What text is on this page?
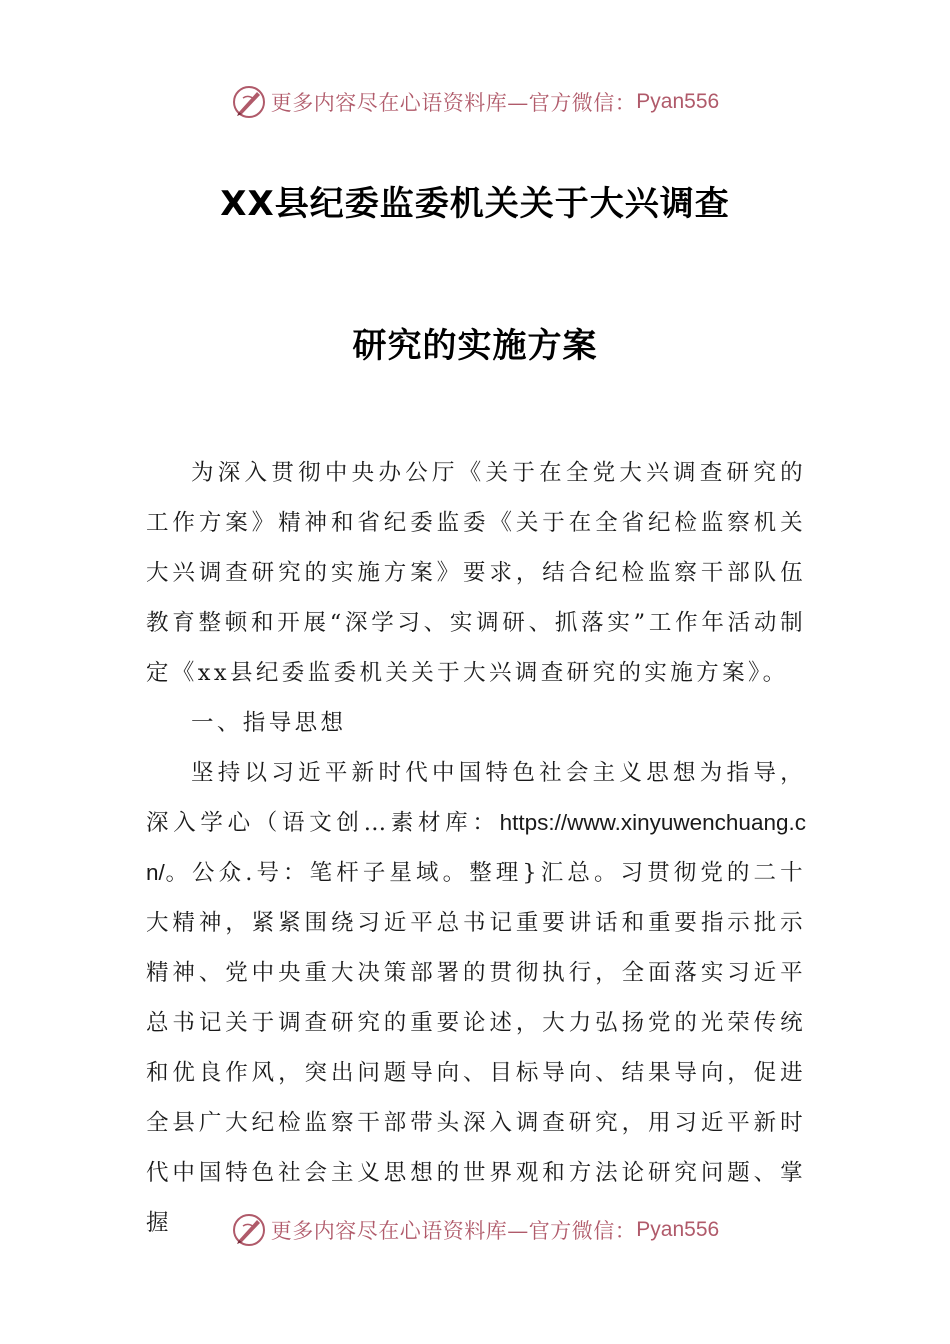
更多内容尽在心语资料库—官方微信： Pyan556
XX县纪委监委机关关于大兴调查
研究的实施方案

为深入贯彻中央办公厅《关于在全党大兴调查研究的工作方案》精神和省纪委监委《关于在全省纪检监察机关大兴调查研究的实施方案》要求，结合纪检监察干部队伍教育整顿和开展“深学习、实调研、抓落实”工作年活动制定《xx县纪委监委机关关于大兴调查研究的实施方案》。

一、指导思想

坚持以习近平新时代中国特色社会主义思想为指导，深入学心（语文创…素材库：https://www.xinyuwenchuang.cn/。公众.号：笔杆子星域。整理}汇总。习贯彻党的二十大精神，紧紧围绕习近平总书记重要讲话和重要指示批示精神、党中央重大决策部署的贯彻执行，全面落实习近平总书记关于调查研究的重要论述，大力弘扬党的光荣传统和优良作风，突出问题导向、目标导向、结果导向，促进全县广大纪检监察干部带头深入调查研究，用习近平新时代中国特色社会主义思想的世界观和方法论研究问题、掌握	更多内容尽在心语资料库—官方微信： Pyan556
